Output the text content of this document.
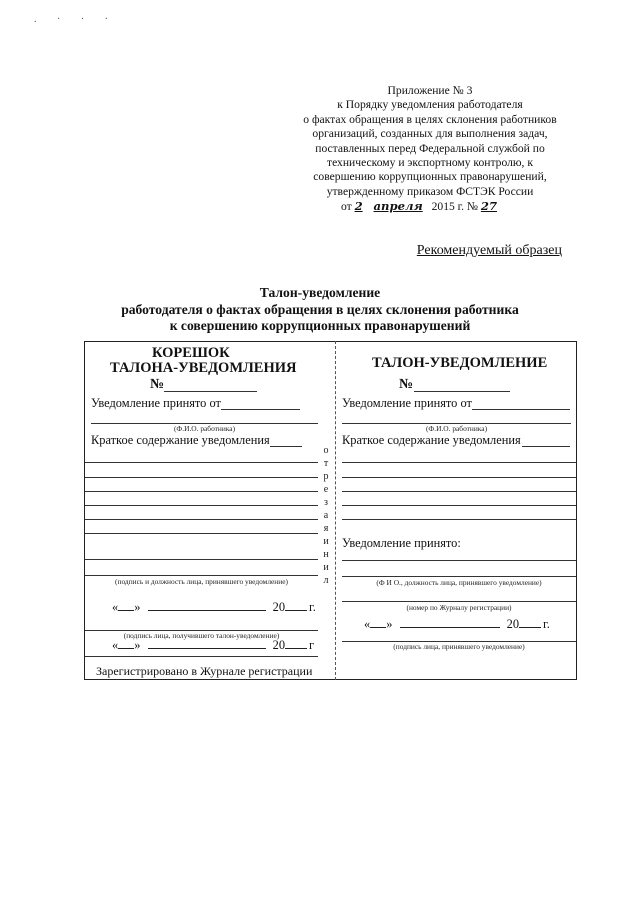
. · · ·
Приложение № 3
к Порядку уведомления работодателя
о фактах обращения в целях склонения работников
организаций, созданных для выполнения задач,
поставленных перед Федеральной службой по
техническому и экспортному контролю, к
совершению коррупционных правонарушений,
утвержденному приказом ФСТЭК России
от 2 апреля 2015 г. № 27
Рекомендуемый образец
Талон-уведомление
работодателя о фактах обращения в целях склонения работника
к совершению коррупционных правонарушений
КОРЕШОК
ТАЛОНА-УВЕДОМЛЕНИЯ
№
Уведомление принято от
(Ф.И.О. работника)
Краткое содержание уведомления
(подпись и должность лица, принявшего уведомление)
« »	20 г.
(подпись лица, получившего талон-уведомление)
« »	20 г
Зарегистрировано в Журнале регистрации
о
т
р
е
з
а
я
и
н
и
л
ТАЛОН-УВЕДОМЛЕНИЕ
№
Уведомление принято от
(Ф.И.О. работника)
Краткое содержание уведомления
Уведомление принято:
(Ф И О., должность лица, принявшего уведомление)
(номер по Журналу регистрации)
« »	20 г.
(подпись лица, принявшего уведомление)
